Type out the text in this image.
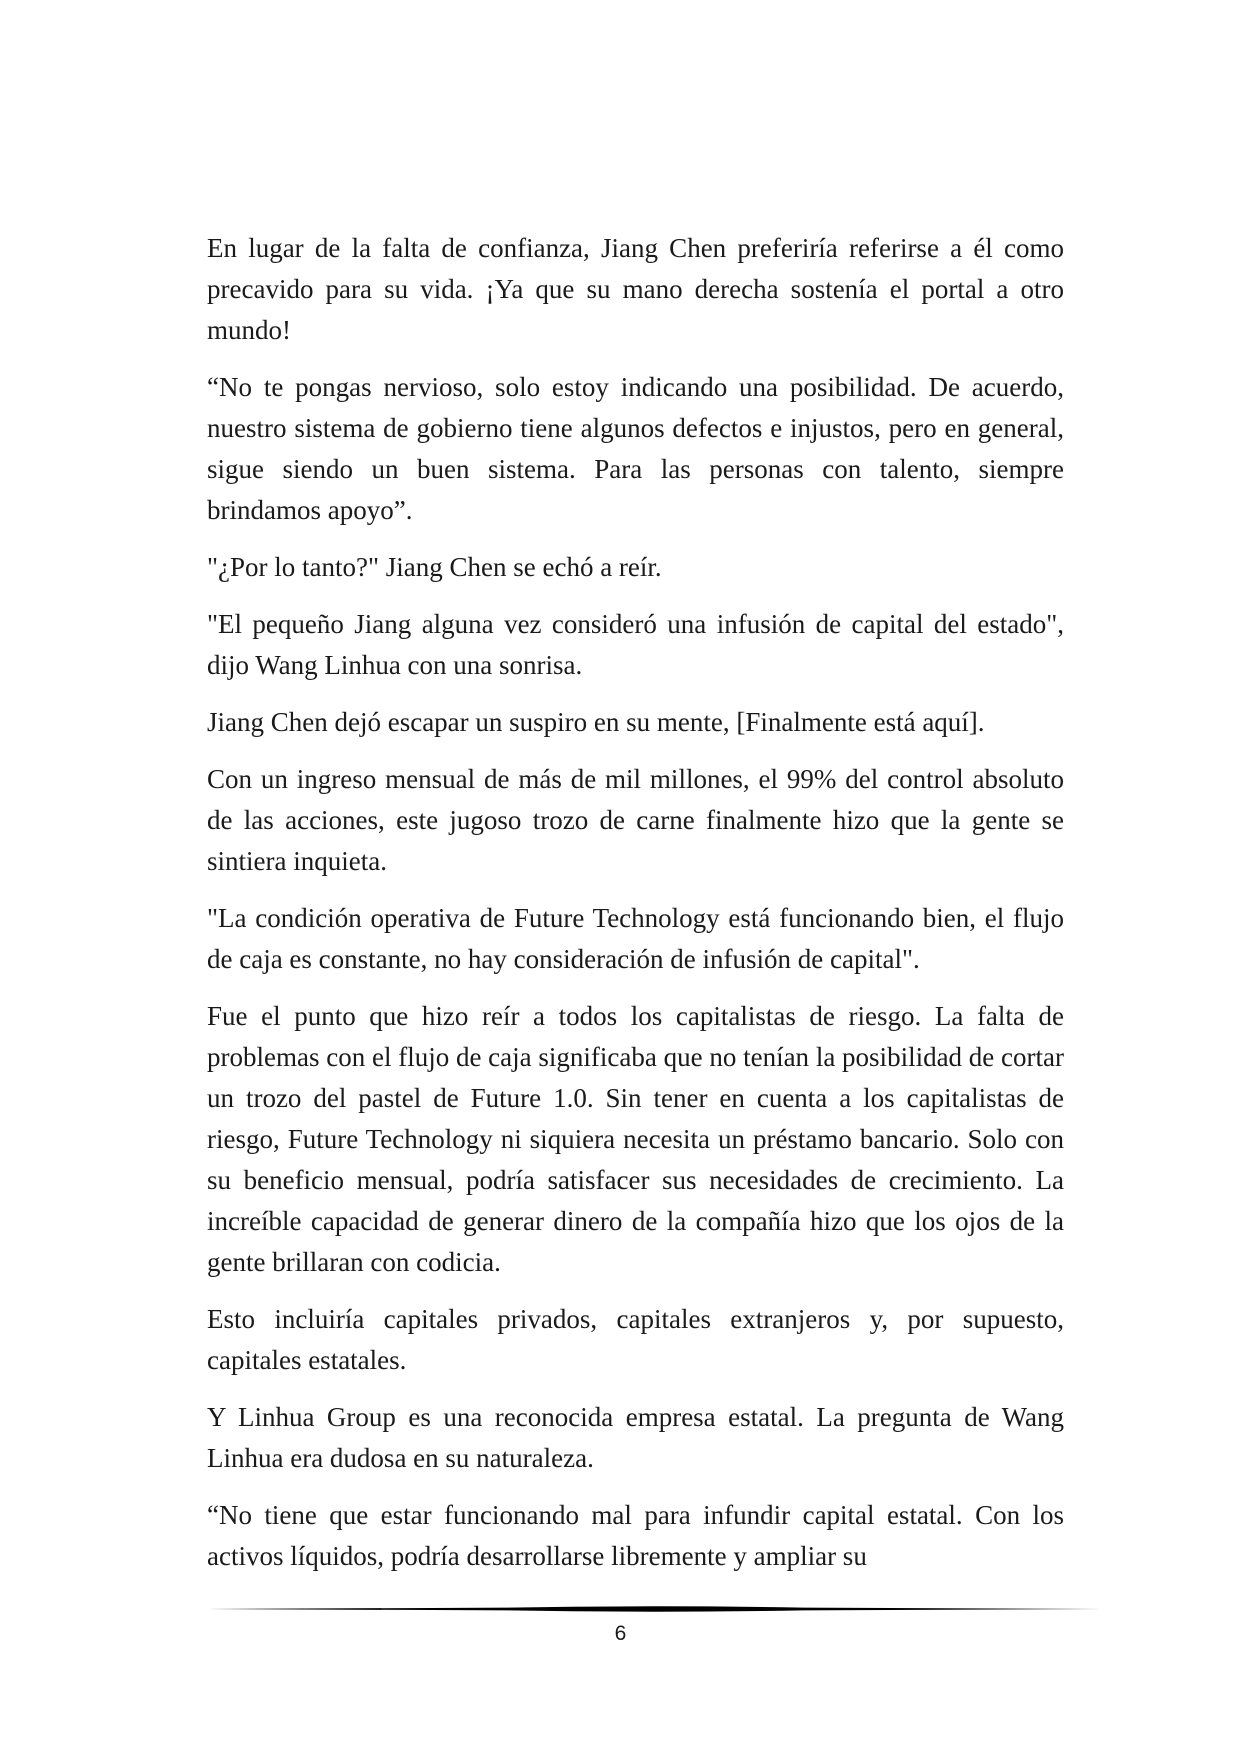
En lugar de la falta de confianza, Jiang Chen preferiría referirse a él como precavido para su vida. ¡Ya que su mano derecha sostenía el portal a otro mundo!

“No te pongas nervioso, solo estoy indicando una posibilidad. De acuerdo, nuestro sistema de gobierno tiene algunos defectos e injustos, pero en general, sigue siendo un buen sistema. Para las personas con talento, siempre brindamos apoyo”.

"¿Por lo tanto?" Jiang Chen se echó a reír.

"El pequeño Jiang alguna vez consideró una infusión de capital del estado", dijo Wang Linhua con una sonrisa.

Jiang Chen dejó escapar un suspiro en su mente, [Finalmente está aquí].

Con un ingreso mensual de más de mil millones, el 99% del control absoluto de las acciones, este jugoso trozo de carne finalmente hizo que la gente se sintiera inquieta.

"La condición operativa de Future Technology está funcionando bien, el flujo de caja es constante, no hay consideración de infusión de capital".

Fue el punto que hizo reír a todos los capitalistas de riesgo. La falta de problemas con el flujo de caja significaba que no tenían la posibilidad de cortar un trozo del pastel de Future 1.0. Sin tener en cuenta a los capitalistas de riesgo, Future Technology ni siquiera necesita un préstamo bancario. Solo con su beneficio mensual, podría satisfacer sus necesidades de crecimiento. La increíble capacidad de generar dinero de la compañía hizo que los ojos de la gente brillaran con codicia.

Esto incluiría capitales privados, capitales extranjeros y, por supuesto, capitales estatales.

Y Linhua Group es una reconocida empresa estatal. La pregunta de Wang Linhua era dudosa en su naturaleza.

“No tiene que estar funcionando mal para infundir capital estatal. Con los activos líquidos, podría desarrollarse libremente y ampliar su

6
